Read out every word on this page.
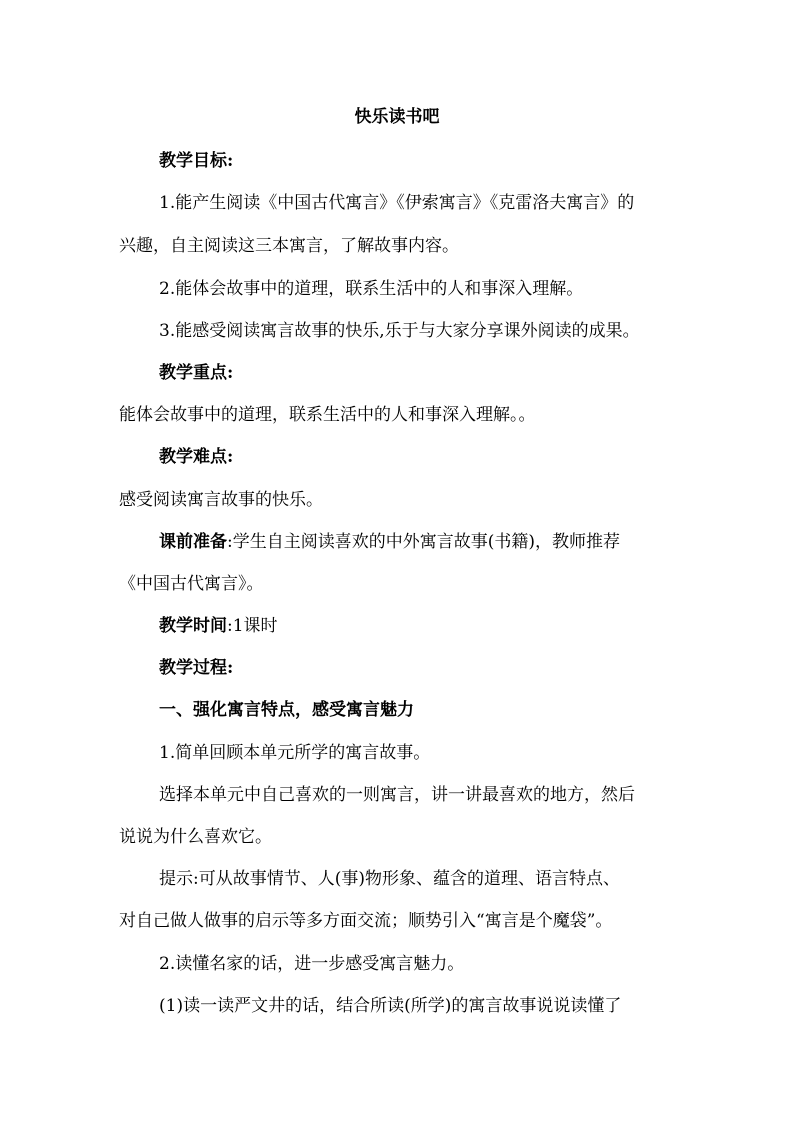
快乐读书吧
教学目标:
1.能产生阅读《中国古代寓言》《伊索寓言》《克雷洛夫寓言》的
兴趣，自主阅读这三本寓言，了解故事内容。
2.能体会故事中的道理，联系生活中的人和事深入理解。
3.能感受阅读寓言故事的快乐,乐于与大家分享课外阅读的成果。
教学重点:
能体会故事中的道理，联系生活中的人和事深入理解。。
教学难点:
感受阅读寓言故事的快乐。
课前准备:学生自主阅读喜欢的中外寓言故事(书籍)，教师推荐
《中国古代寓言》。
教学时间:1课时
教学过程:
一、强化寓言特点，感受寓言魅力
1.简单回顾本单元所学的寓言故事。
选择本单元中自己喜欢的一则寓言，讲一讲最喜欢的地方，然后
说说为什么喜欢它。
提示:可从故事情节、人(事)物形象、蕴含的道理、语言特点、
对自己做人做事的启示等多方面交流；顺势引入“寓言是个魔袋”。
2.读懂名家的话，进一步感受寓言魅力。
(1)读一读严文井的话，结合所读(所学)的寓言故事说说读懂了
